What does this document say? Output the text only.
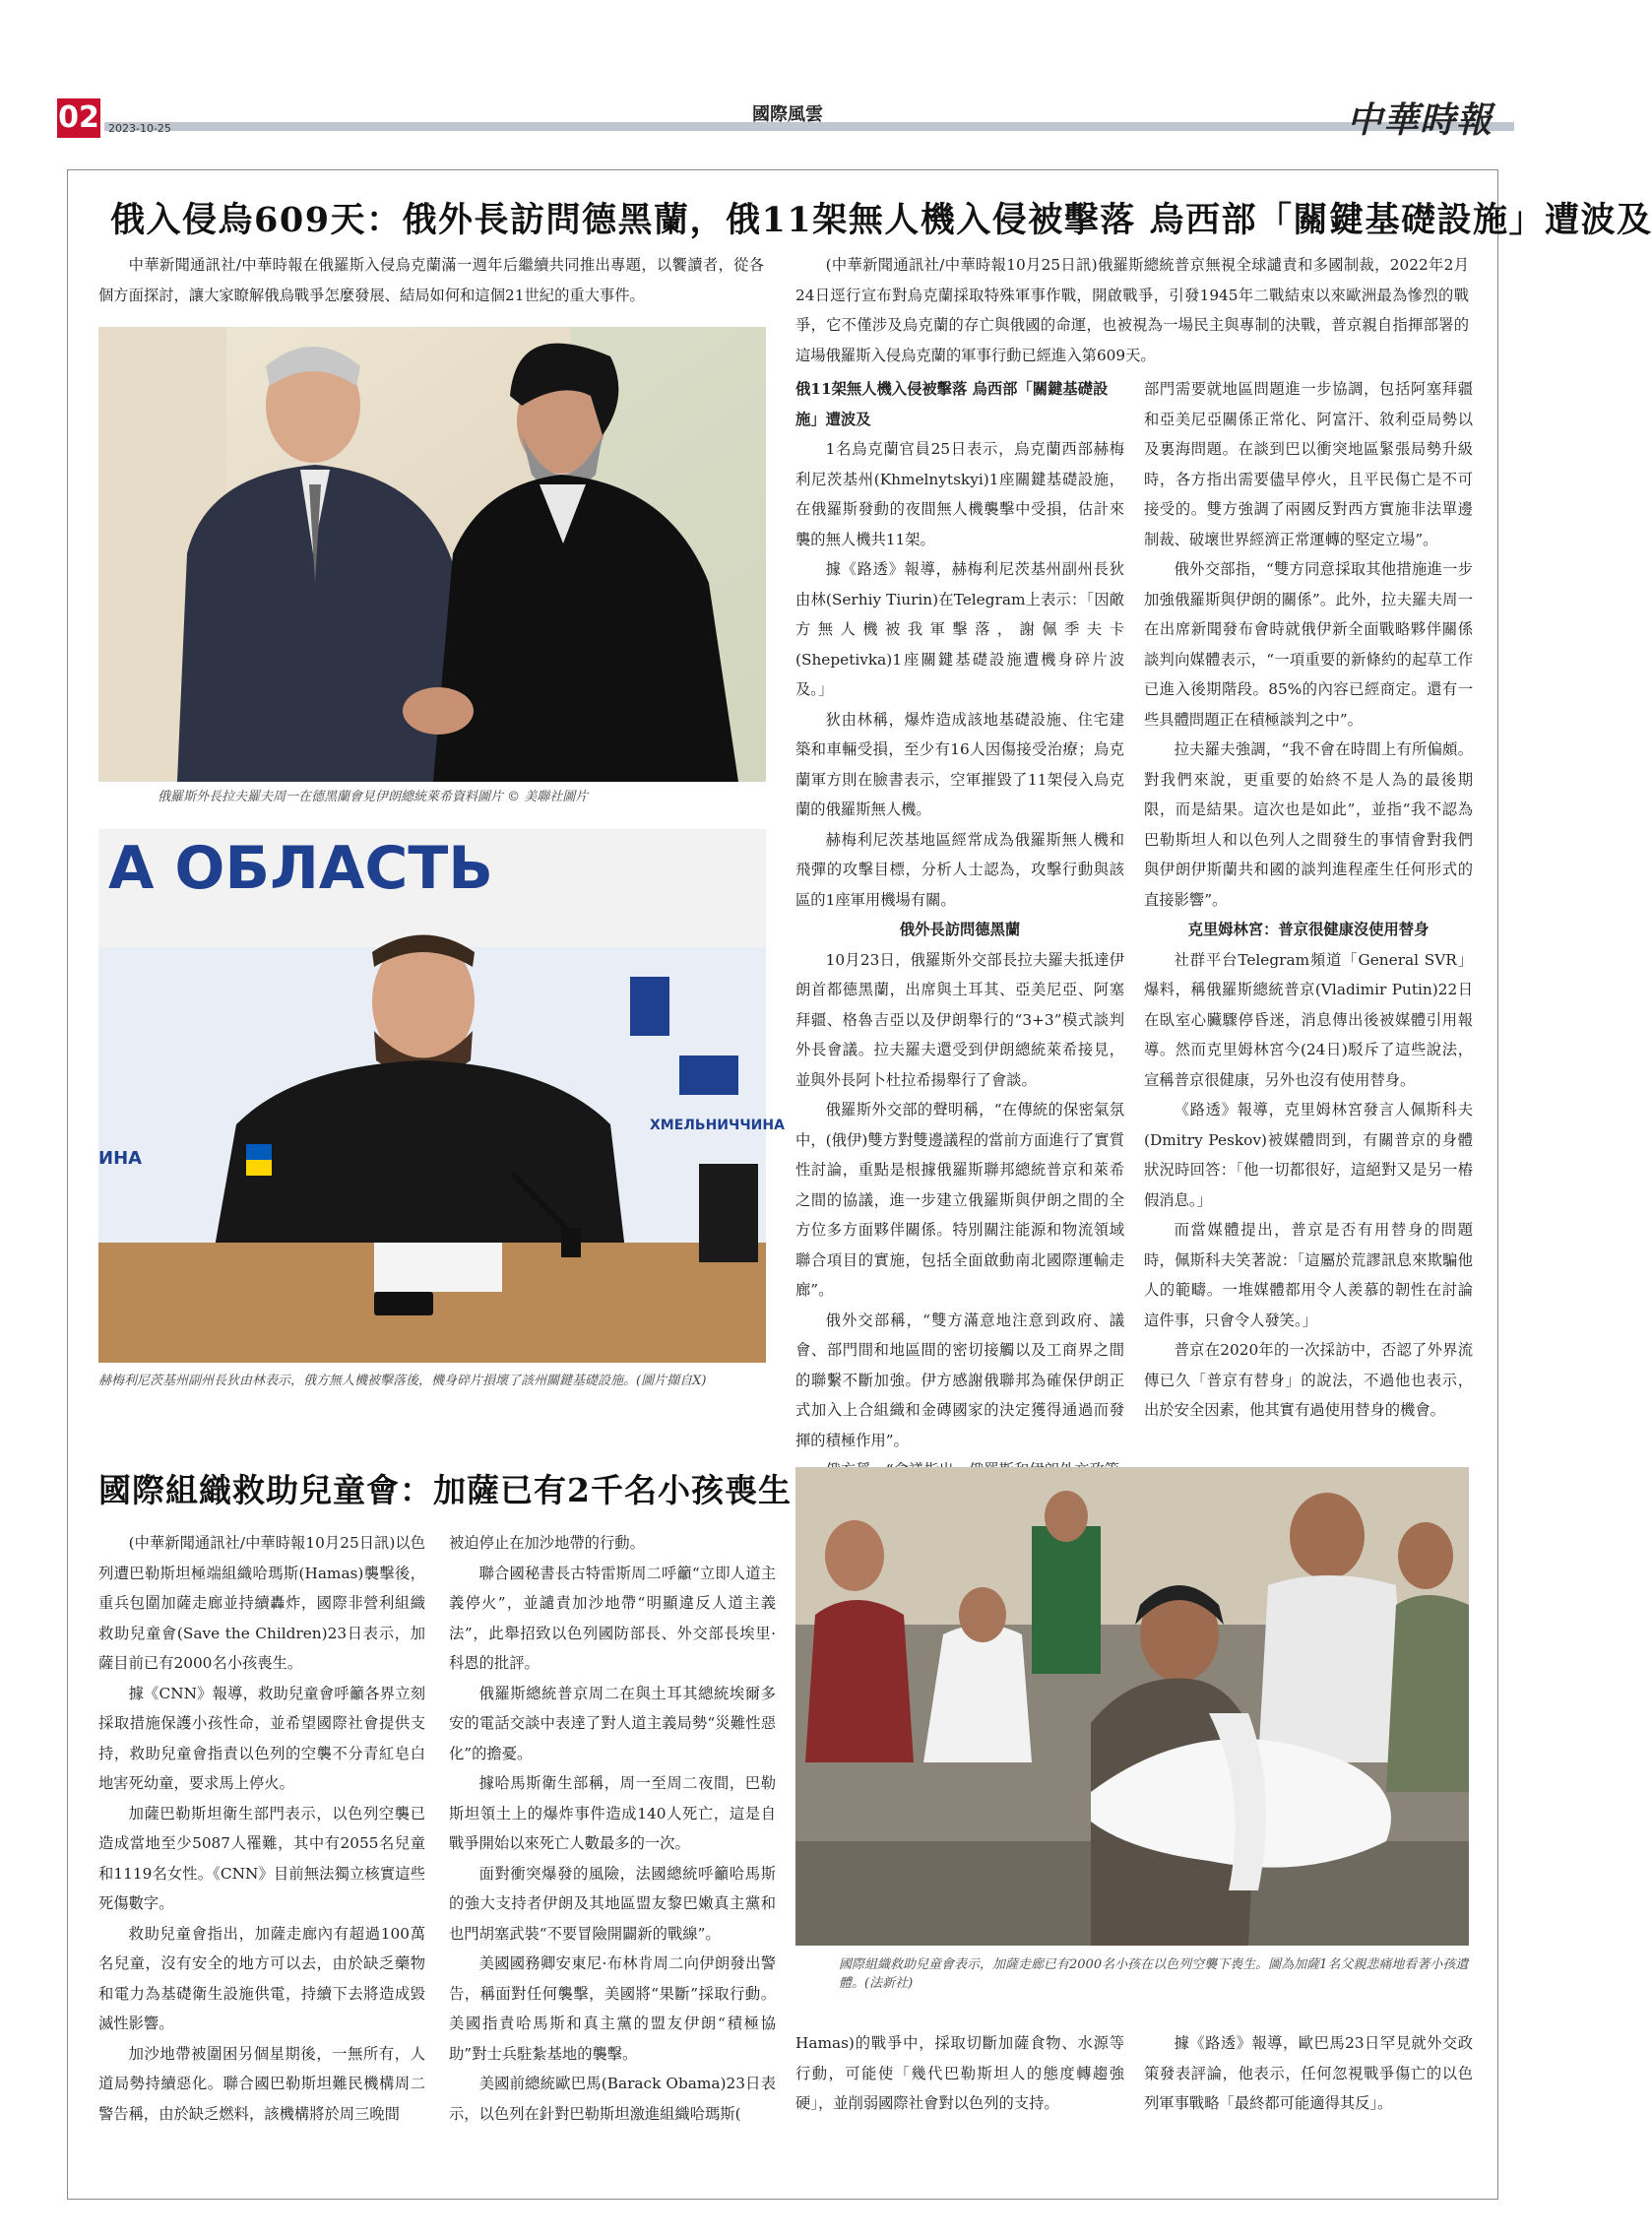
02 2023-10-25
國際風雲	中華時報
俄入侵烏609天：俄外長訪問德黑蘭，俄11架無人機入侵被擊落 烏西部「關鍵基礎設施」遭波及

中華新聞通訊社/中華時報在俄羅斯入侵烏克蘭滿一週年后繼續共同推出專題，以饗讀者，從各個方面探討，讓大家瞭解俄烏戰爭怎麼發展、結局如何和這個21世紀的重大事件。

(中華新聞通訊社/中華時報10月25日訊)俄羅斯總統普京無視全球譴責和多國制裁，2022年2月24日逕行宣布對烏克蘭採取特殊軍事作戰，開啟戰爭，引發1945年二戰結束以來歐洲最為慘烈的戰爭，它不僅涉及烏克蘭的存亡與俄國的命運，也被視為一場民主與專制的決戰，普京親自指揮部署的這場俄羅斯入侵烏克蘭的軍事行動已經進入第609天。

俄羅斯外長拉夫羅夫周一在德黑蘭會見伊朗總統萊希資料圖片 © 美聯社圖片
А ОБЛАСТЬ
ХМЕЛЬНИЧЧИНА
ИНА
赫梅利尼茨基州副州長狄由林表示，俄方無人機被擊落後，機身碎片損壞了該州關鍵基礎設施。(圖片擷自X)

俄11架無人機入侵被擊落 烏西部「關鍵基礎設施」遭波及

1名烏克蘭官員25日表示，烏克蘭西部赫梅利尼茨基州(Khmelnytskyi)1座關鍵基礎設施，在俄羅斯發動的夜間無人機襲擊中受損，估計來襲的無人機共11架。

據《路透》報導，赫梅利尼茨基州副州長狄由林(Serhiy Tiurin)在Telegram上表示：「因敵方無人機被我軍擊落，謝佩季夫卡(Shepetivka)1座關鍵基礎設施遭機身碎片波及。」

狄由林稱，爆炸造成該地基礎設施、住宅建築和車輛受損，至少有16人因傷接受治療；烏克蘭軍方則在臉書表示，空軍摧毀了11架侵入烏克蘭的俄羅斯無人機。

赫梅利尼茨基地區經常成為俄羅斯無人機和飛彈的攻擊目標，分析人士認為，攻擊行動與該區的1座軍用機場有關。

俄外長訪問德黑蘭

10月23日，俄羅斯外交部長拉夫羅夫抵達伊朗首都德黑蘭，出席與土耳其、亞美尼亞、阿塞拜疆、格魯吉亞以及伊朗舉行的“3+3”模式談判外長會議。拉夫羅夫還受到伊朗總統萊希接見，並與外長阿卜杜拉希揚舉行了會談。

俄羅斯外交部的聲明稱，“在傳統的保密氣氛中，(俄伊)雙方對雙邊議程的當前方面進行了實質性討論，重點是根據俄羅斯聯邦總統普京和萊希之間的協議，進一步建立俄羅斯與伊朗之間的全方位多方面夥伴關係。特別關注能源和物流領域聯合項目的實施，包括全面啟動南北國際運輸走廊”。

俄外交部稱，“雙方滿意地注意到政府、議會、部門間和地區間的密切接觸以及工商界之間的聯繫不斷加強。伊方感謝俄聯邦為確保伊朗正式加入上合組織和金磚國家的決定獲得通過而發揮的積極作用”。

部門需要就地區問題進一步協調，包括阿塞拜疆和亞美尼亞關係正常化、阿富汗、敘利亞局勢以及裏海問題。在談到巴以衝突地區緊張局勢升級時，各方指出需要儘早停火，且平民傷亡是不可接受的。雙方強調了兩國反對西方實施非法單邊制裁、破壞世界經濟正常運轉的堅定立場”。

俄外交部指，“雙方同意採取其他措施進一步加強俄羅斯與伊朗的關係”。此外，拉夫羅夫周一在出席新聞發布會時就俄伊新全面戰略夥伴關係談判向媒體表示，“一項重要的新條約的起草工作已進入後期階段。85%的內容已經商定。還有一些具體問題正在積極談判之中”。

拉夫羅夫強調，“我不會在時間上有所偏頗。對我們來說，更重要的始終不是人為的最後期限，而是結果。這次也是如此”，並指“我不認為巴勒斯坦人和以色列人之間發生的事情會對我們與伊朗伊斯蘭共和國的談判進程產生任何形式的直接影響”。

克里姆林宮：普京很健康沒使用替身

社群平台Telegram頻道「General SVR」爆料，稱俄羅斯總統普京(Vladimir Putin)22日在臥室心臟驟停昏迷，消息傳出後被媒體引用報導。然而克里姆林宮今(24日)駁斥了這些說法，宣稱普京很健康，另外也沒有使用替身。

《路透》報導，克里姆林宮發言人佩斯科夫(Dmitry Peskov)被媒體問到，有關普京的身體狀況時回答：「他一切都很好，這絕對又是另一樁假消息。」

而當媒體提出，普京是否有用替身的問題時，佩斯科夫笑著說：「這屬於荒謬訊息來欺騙他人的範疇。一堆媒體都用令人羨慕的韌性在討論這件事，只會令人發笑。」

普京在2020年的一次採訪中，否認了外界流傳已久「普京有替身」的說法，不過他也表示，出於安全因素，他其實有過使用替身的機會。

國際組織救助兒童會：加薩已有2千名小孩喪生

(中華新聞通訊社/中華時報10月25日訊)以色列遭巴勒斯坦極端組織哈瑪斯(Hamas)襲擊後，重兵包圍加薩走廊並持續轟炸，國際非營利組織救助兒童會(Save the Children)23日表示，加薩目前已有2000名小孩喪生。

據《CNN》報導，救助兒童會呼籲各界立刻採取措施保護小孩性命，並希望國際社會提供支持，救助兒童會指責以色列的空襲不分青紅皂白地害死幼童，要求馬上停火。

加薩巴勒斯坦衛生部門表示，以色列空襲已造成當地至少5087人罹難，其中有2055名兒童和1119名女性。《CNN》目前無法獨立核實這些死傷數字。

救助兒童會指出，加薩走廊內有超過100萬名兒童，沒有安全的地方可以去，由於缺乏藥物和電力為基礎衛生設施供電，持續下去將造成毀滅性影響。

加沙地帶被圍困另個星期後，一無所有，人道局勢持續惡化。聯合國巴勒斯坦難民機構周二警告稱，由於缺乏燃料，該機構將於周三晚間

被迫停止在加沙地帶的行動。

聯合國秘書長古特雷斯周二呼籲“立即人道主義停火”，並譴責加沙地帶“明顯違反人道主義法”，此舉招致以色列國防部長、外交部長埃里·科恩的批評。

俄羅斯總統普京周二在與土耳其總統埃爾多安的電話交談中表達了對人道主義局勢“災難性惡化”的擔憂。

據哈馬斯衛生部稱，周一至周二夜間，巴勒斯坦領土上的爆炸事件造成140人死亡，這是自戰爭開始以來死亡人數最多的一次。

面對衝突爆發的風險，法國總統呼籲哈馬斯的強大支持者伊朗及其地區盟友黎巴嫩真主黨和也門胡塞武裝“不要冒險開闢新的戰線”。

美國國務卿安東尼·布林肯周二向伊朗發出警告，稱面對任何襲擊，美國將“果斷”採取行動。美國指責哈馬斯和真主黨的盟友伊朗“積極協助”對士兵駐紮基地的襲擊。

美國前總統歐巴馬(Barack Obama)23日表示，以色列在針對巴勒斯坦激進組織哈瑪斯(

國際組織救助兒童會表示，加薩走廊已有2000名小孩在以色列空襲下喪生。圖為加薩1名父親悲痛地看著小孩遺體。(法新社)

Hamas)的戰爭中，採取切斷加薩食物、水源等行動，可能使「幾代巴勒斯坦人的態度轉趨強硬」，並削弱國際社會對以色列的支持。

據《路透》報導，歐巴馬23日罕見就外交政策發表評論，他表示，任何忽視戰爭傷亡的以色列軍事戰略「最終都可能適得其反」。
